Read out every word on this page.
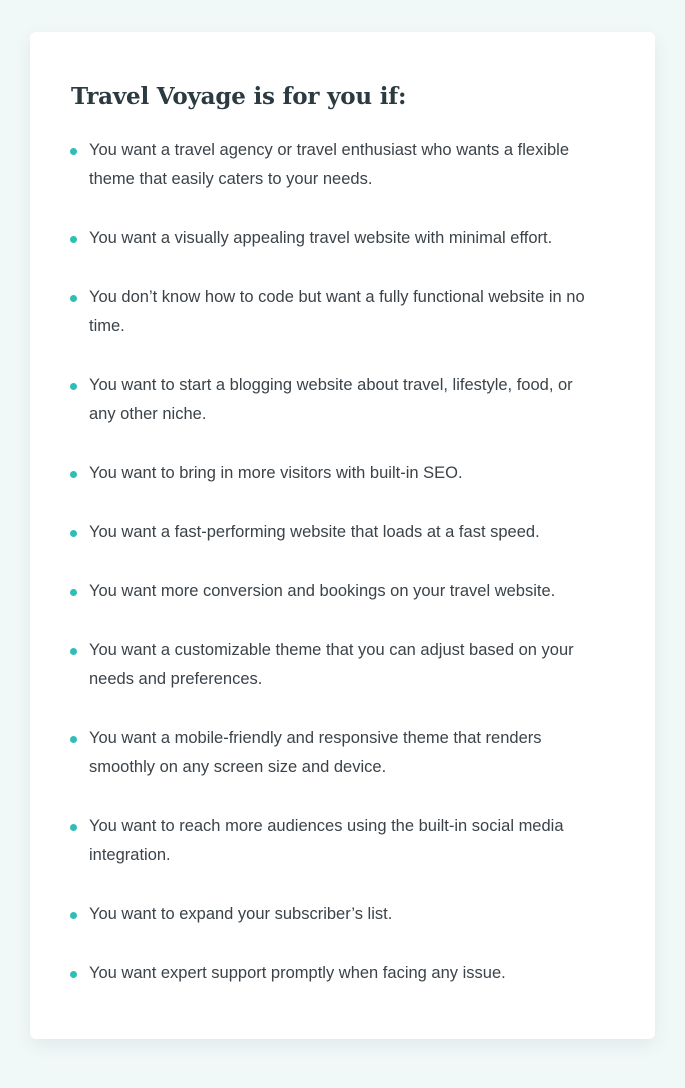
Travel Voyage is for you if:
You want a travel agency or travel enthusiast who wants a flexible theme that easily caters to your needs.
You want a visually appealing travel website with minimal effort.
You don’t know how to code but want a fully functional website in no time.
You want to start a blogging website about travel, lifestyle, food, or any other niche.
You want to bring in more visitors with built-in SEO.
You want a fast-performing website that loads at a fast speed.
You want more conversion and bookings on your travel website.
You want a customizable theme that you can adjust based on your needs and preferences.
You want a mobile-friendly and responsive theme that renders smoothly on any screen size and device.
You want to reach more audiences using the built-in social media integration.
You want to expand your subscriber’s list.
You want expert support promptly when facing any issue.
